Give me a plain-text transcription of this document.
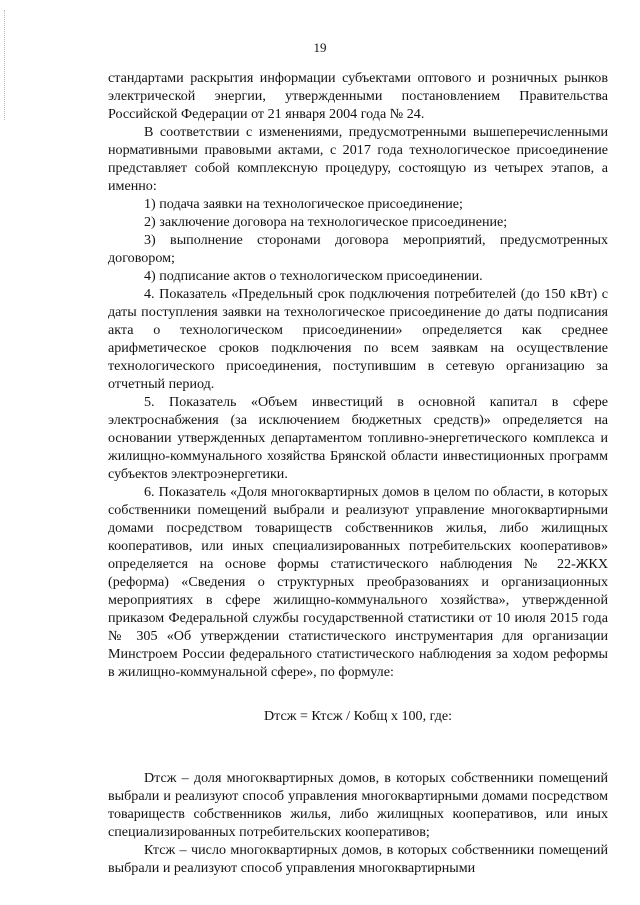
19

стандартами раскрытия информации субъектами оптового и розничных рынков электрической энергии, утвержденными постановлением Правительства Российской Федерации от 21 января 2004 года № 24.

В соответствии с изменениями, предусмотренными вышеперечисленными нормативными правовыми актами, с 2017 года технологическое присоединение представляет собой комплексную процедуру, состоящую из четырех этапов, а именно:

1) подача заявки на технологическое присоединение;

2) заключение договора на технологическое присоединение;

3) выполнение сторонами договора мероприятий, предусмотренных договором;

4) подписание актов о технологическом присоединении.

4. Показатель «Предельный срок подключения потребителей (до 150 кВт) с даты поступления заявки на технологическое присоединение до даты подписания акта о технологическом присоединении» определяется как среднее арифметическое сроков подключения по всем заявкам на осуществление технологического присоединения, поступившим в сетевую организацию за отчетный период.

5. Показатель «Объем инвестиций в основной капитал в сфере электроснабжения (за исключением бюджетных средств)» определяется на основании утвержденных департаментом топливно-энергетического комплекса и жилищно-коммунального хозяйства Брянской области инвестиционных программ субъектов электроэнергетики.

6. Показатель «Доля многоквартирных домов в целом по области, в которых собственники помещений выбрали и реализуют управление многоквартирными домами посредством товариществ собственников жилья, либо жилищных кооперативов, или иных специализированных потребительских кооперативов» определяется на основе формы статистического наблюдения № 22-ЖКХ (реформа) «Сведения о структурных преобразованиях и организационных мероприятиях в сфере жилищно-коммунального хозяйства», утвержденной приказом Федеральной службы государственной статистики от 10 июля 2015 года № 305 «Об утверждении статистического инструментария для организации Минстроем России федерального статистического наблюдения за ходом реформы в жилищно-коммунальной сфере», по формуле:

Dтсж = Ктсж / Кобщ х 100, где:

Dтсж – доля многоквартирных домов, в которых собственники помещений выбрали и реализуют способ управления многоквартирными домами посредством товариществ собственников жилья, либо жилищных кооперативов, или иных специализированных потребительских кооперативов;

Ктсж – число многоквартирных домов, в которых собственники помещений выбрали и реализуют способ управления многоквартирными
